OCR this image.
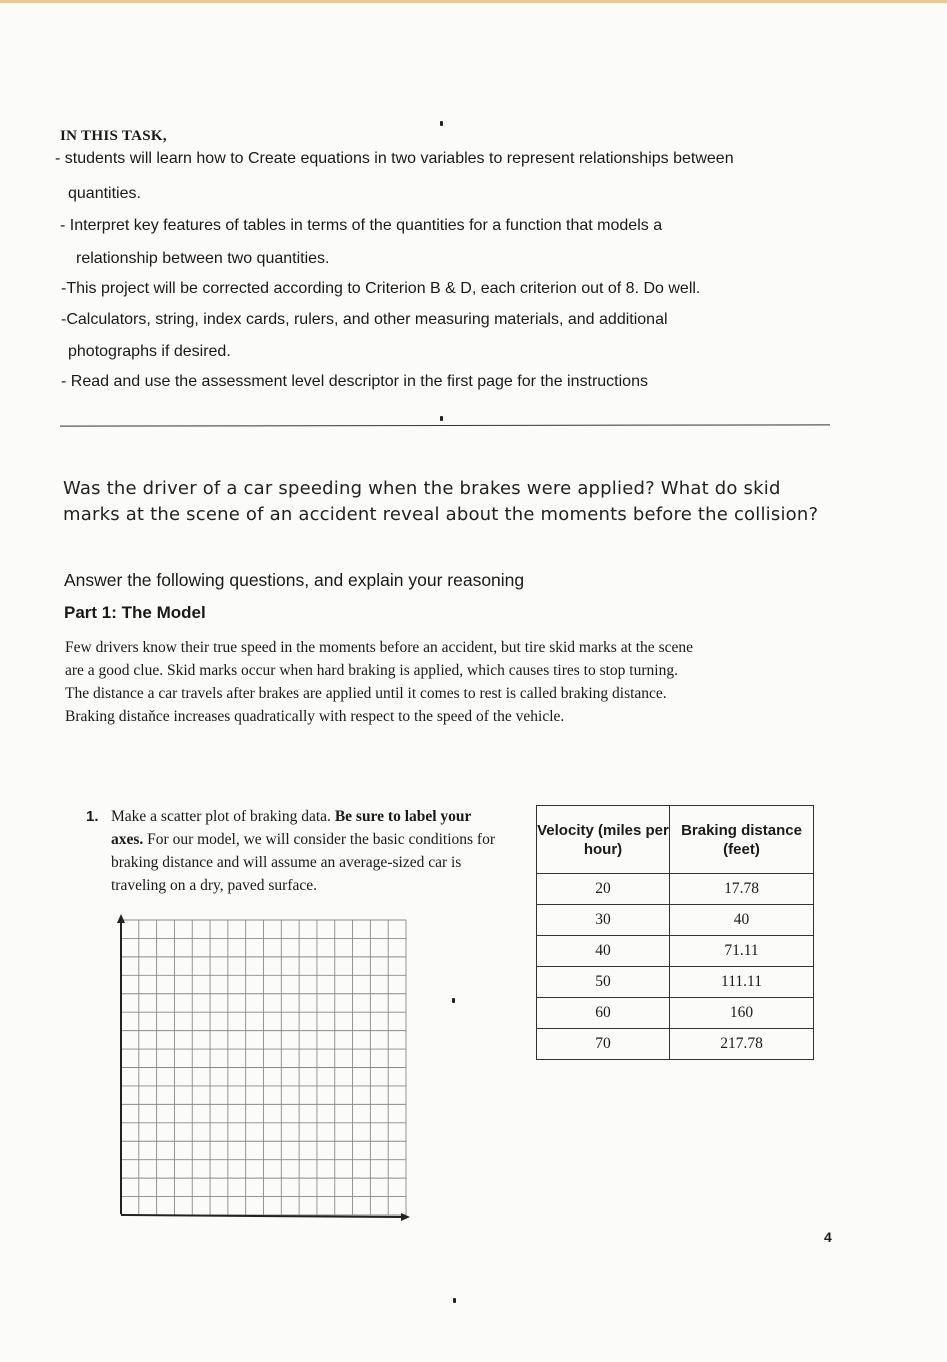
IN THIS TASK,
- students will learn how to Create equations in two variables to represent relationships between
quantities.
- Interpret key features of tables in terms of the quantities for a function that models a
relationship between two quantities.
-This project will be corrected according to Criterion B & D, each criterion out of 8. Do well.
-Calculators, string, index cards, rulers, and other measuring materials, and additional
photographs if desired.
- Read and use the assessment level descriptor in the first page for the instructions
Was the driver of a car speeding when the brakes were applied? What do skid marks at the scene of an accident reveal about the moments before the collision?
Answer the following questions, and explain your reasoning
Part 1: The Model
Few drivers know their true speed in the moments before an accident, but tire skid marks at the scene are a good clue. Skid marks occur when hard braking is applied, which causes tires to stop turning. The distance a car travels after brakes are applied until it comes to rest is called braking distance. Braking distaňce increases quadratically with respect to the speed of the vehicle.
1. Make a scatter plot of braking data. Be sure to label your axes. For our model, we will consider the basic conditions for braking distance and will assume an average-sized car is traveling on a dry, paved surface.
Velocity (miles per hour)	Braking distance (feet)
20	17.78
30	40
40	71.11
50	111.11
60	160
70	217.78
4
